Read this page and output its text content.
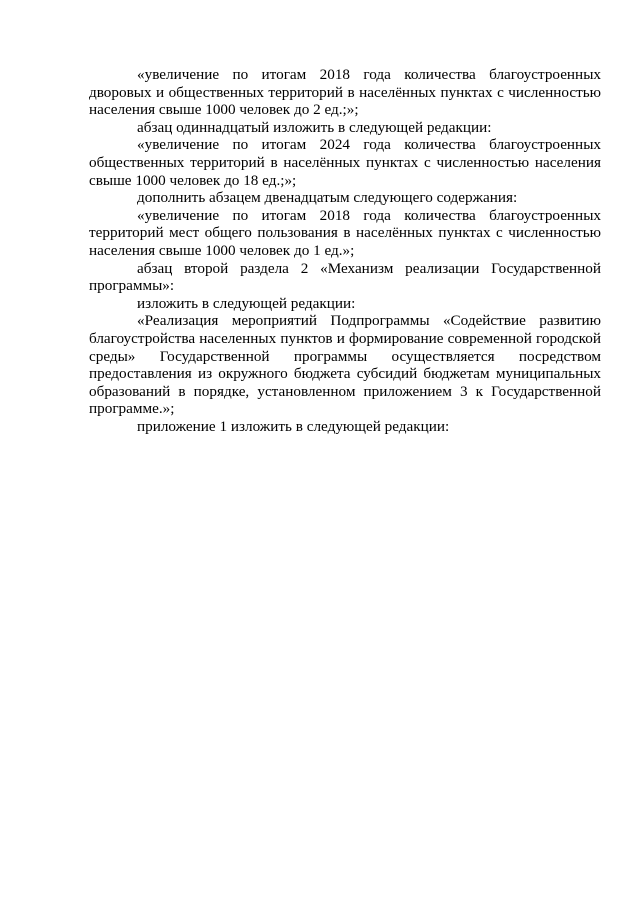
«увеличение по итогам 2018 года количества благоустроенных дворовых и общественных территорий в населённых пунктах с численностью населения свыше 1000 человек до 2 ед.;»;

абзац одиннадцатый изложить в следующей редакции:

«увеличение по итогам 2024 года количества благоустроенных общественных территорий в населённых пунктах с численностью населения свыше 1000 человек до 18 ед.;»;

дополнить абзацем двенадцатым следующего содержания:

«увеличение по итогам 2018 года количества благоустроенных территорий мест общего пользования в населённых пунктах с численностью населения свыше 1000 человек до 1 ед.»;

абзац второй раздела 2 «Механизм реализации Государственной программы»:

изложить в следующей редакции:

«Реализация мероприятий Подпрограммы «Содействие развитию благоустройства населенных пунктов и формирование современной городской среды» Государственной программы осуществляется посредством предоставления из окружного бюджета субсидий бюджетам муниципальных образований в порядке, установленном приложением 3 к Государственной программе.»;

приложение 1 изложить в следующей редакции:
